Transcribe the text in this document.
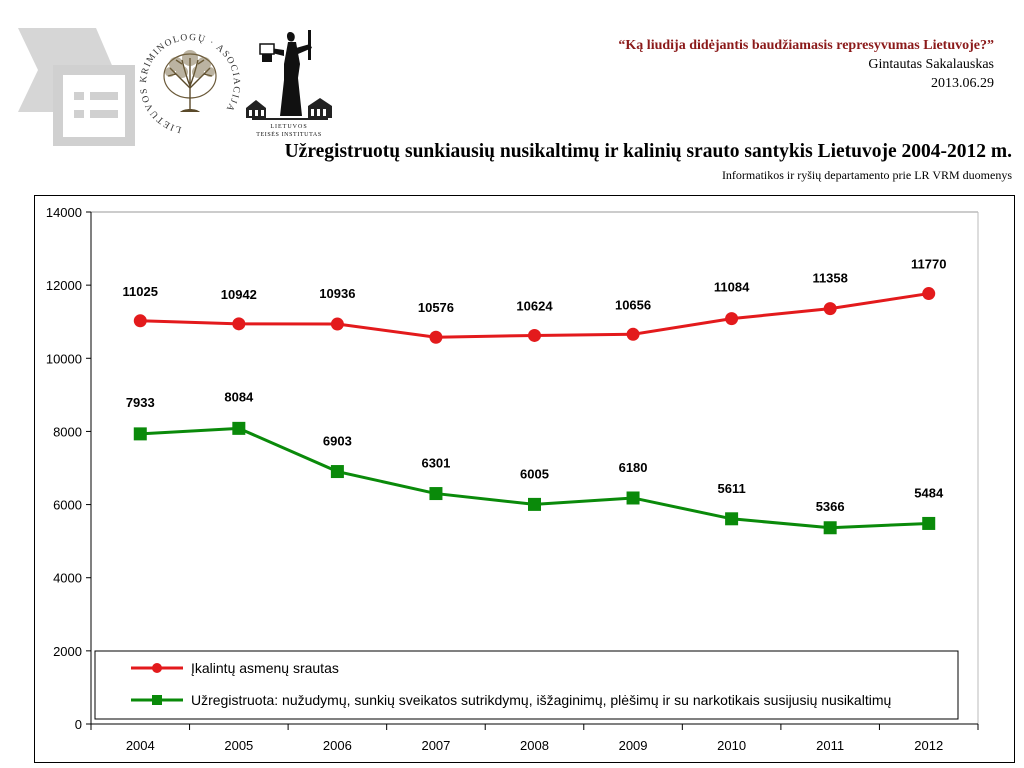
LIETUVOS KRIMINOLOGŲ · ASOCIACIJA
LIETUVOS
TEISĖS INSTITUTAS
“Ką liudija didėjantis baudžiamasis represyvumas Lietuvoje?”
Gintautas Sakalauskas
2013.06.29
Užregistruotų sunkiausių nusikaltimų ir kalinių srauto santykis Lietuvoje 2004-2012 m.
Informatikos ir ryšių departamento prie LR VRM duomenys
0
2000
4000
6000
8000
10000
12000
14000
2004	2005	2006	2007	2008	2009	2010	2011	2012
11025	10942	10936
10576	10624	10656
11084
11358
11770
7933	8084
6903
6301
6005	6180
5611
5366
5484
Įkalintų asmenų srautas
Užregistruota: nužudymų, sunkių sveikatos sutrikdymų, išžaginimų, plėšimų ir su narkotikais susijusių nusikaltimų
